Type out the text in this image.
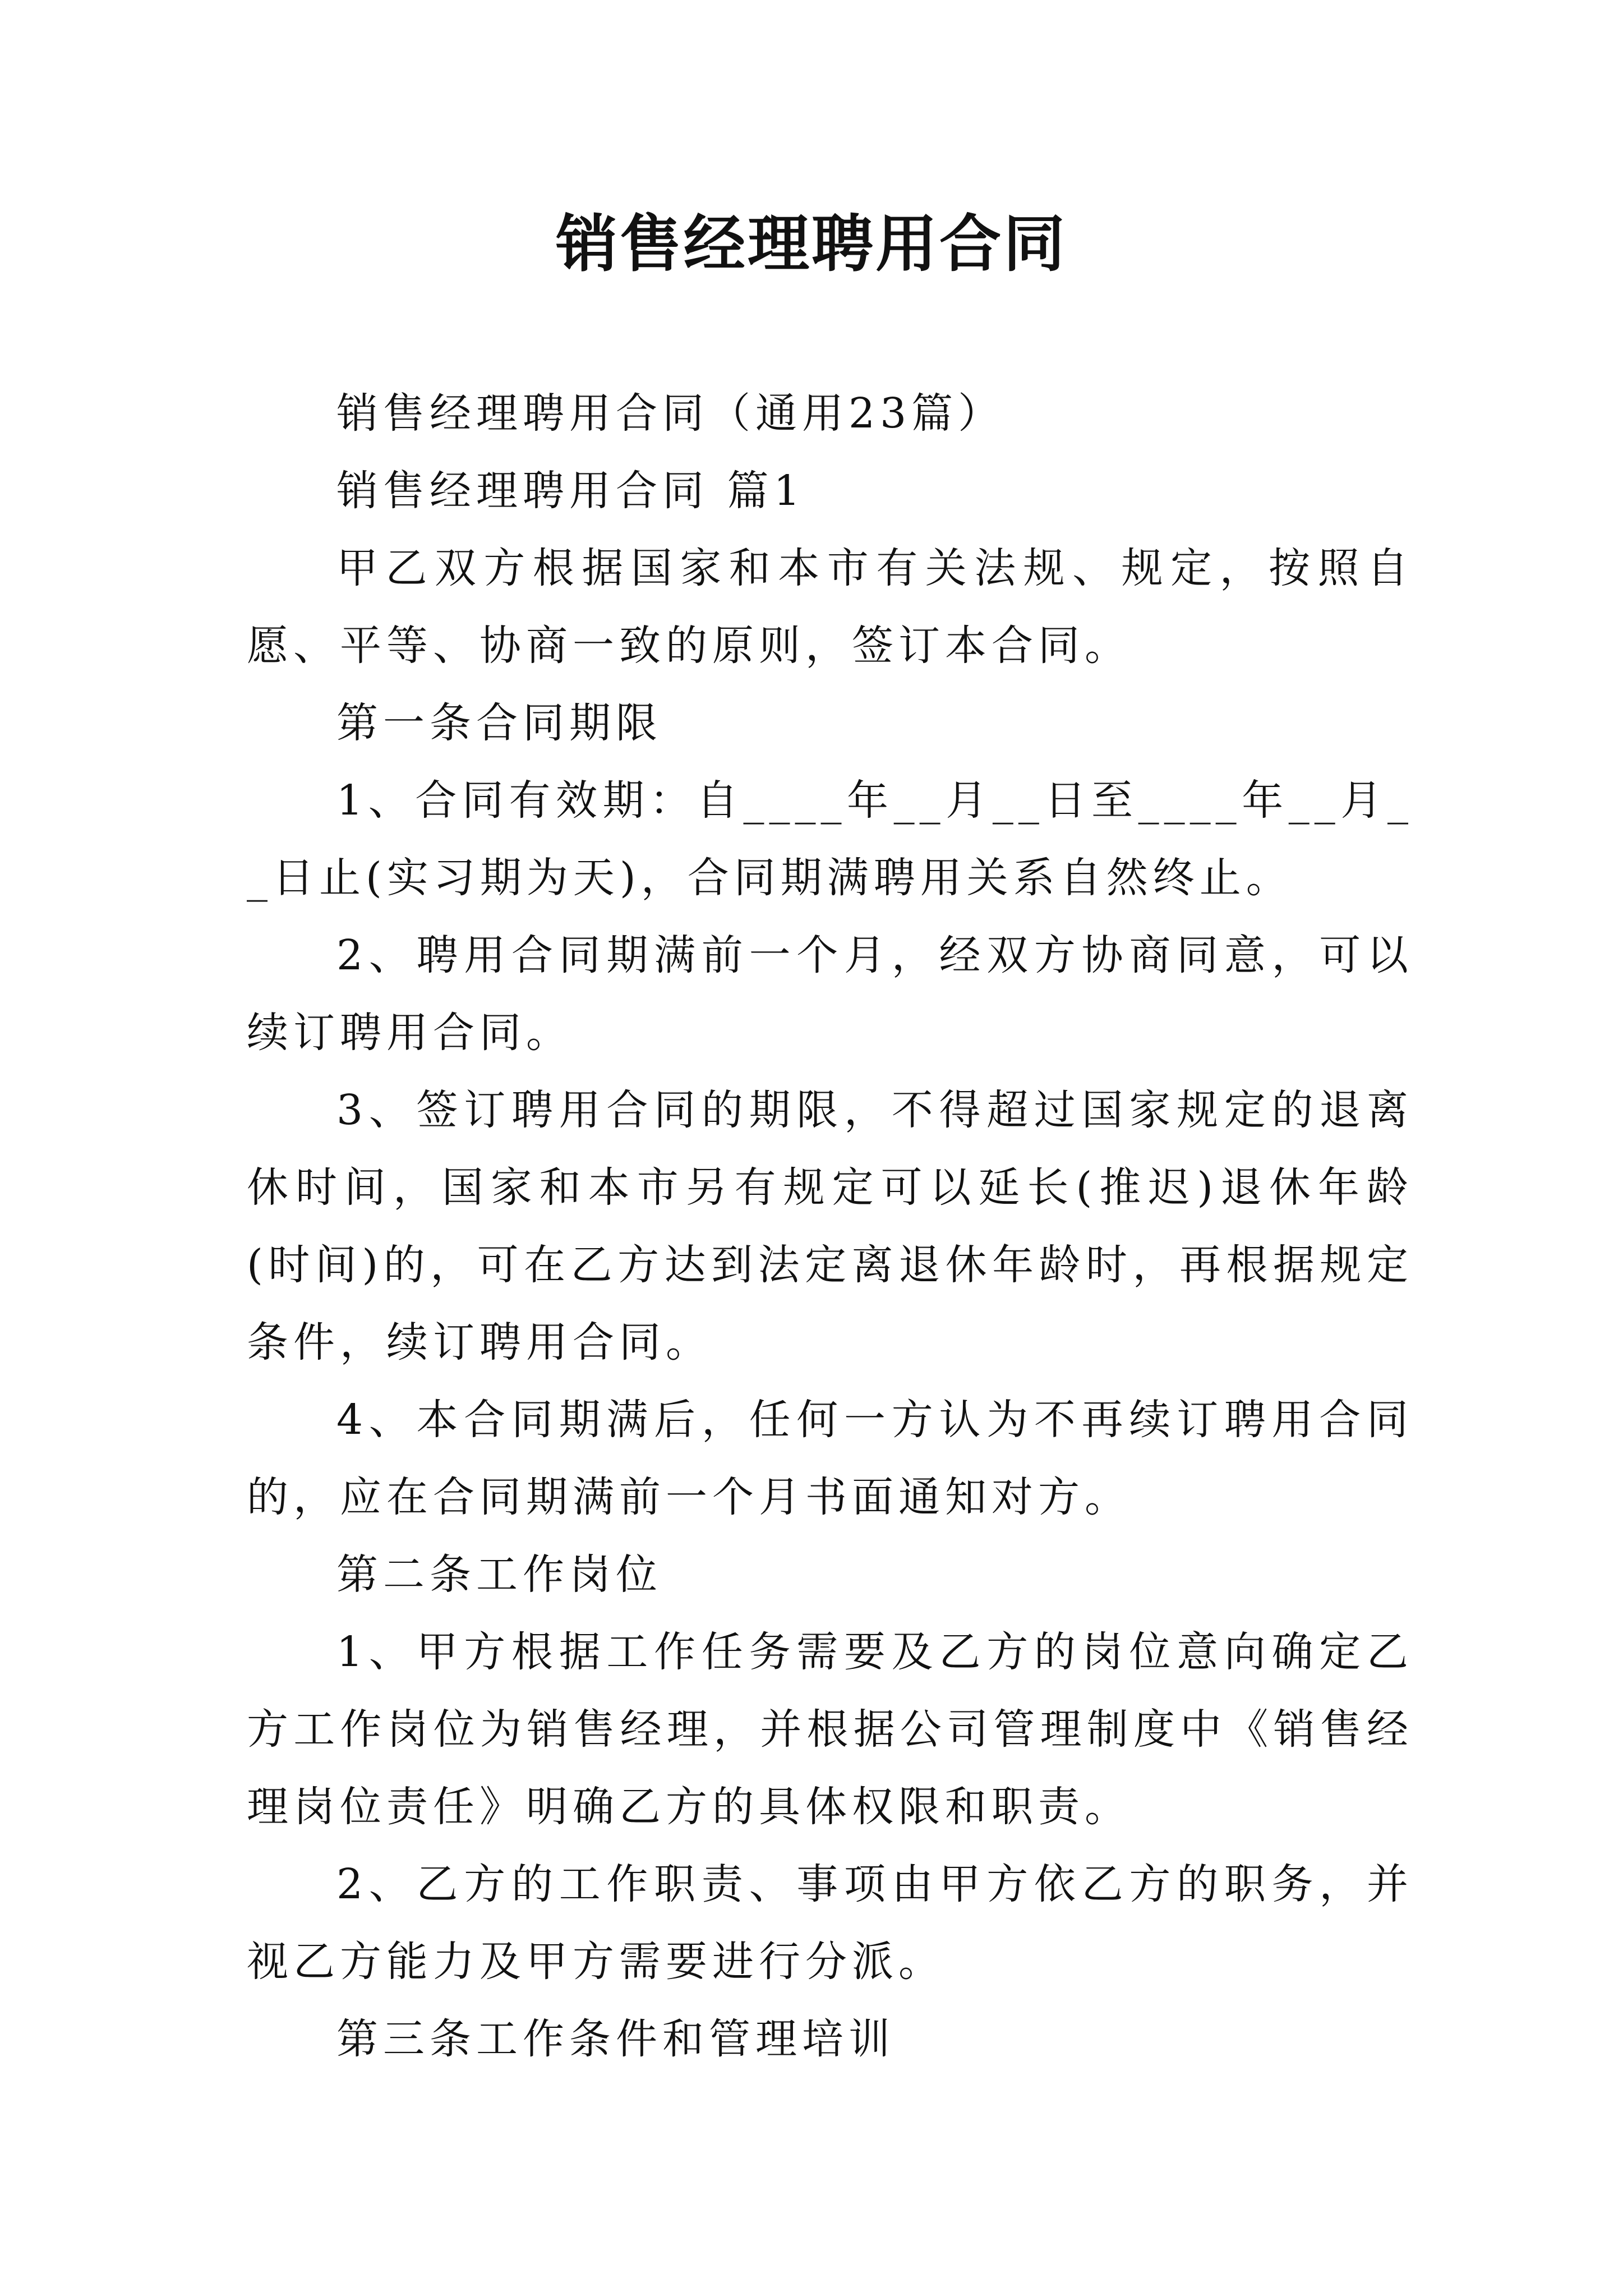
销售经理聘用合同

销售经理聘用合同（通用23篇）

销售经理聘用合同 篇1

甲乙双方根据国家和本市有关法规、规定，按照自愿、平等、协商一致的原则，签订本合同。

第一条合同期限

1、合同有效期：自____年__月__日至____年__月__日止(实习期为天)，合同期满聘用关系自然终止。

2、聘用合同期满前一个月，经双方协商同意，可以续订聘用合同。

3、签订聘用合同的期限，不得超过国家规定的退离休时间，国家和本市另有规定可以延长(推迟)退休年龄(时间)的，可在乙方达到法定离退休年龄时，再根据规定条件，续订聘用合同。

4、本合同期满后，任何一方认为不再续订聘用合同的，应在合同期满前一个月书面通知对方。

第二条工作岗位

1、甲方根据工作任务需要及乙方的岗位意向确定乙方工作岗位为销售经理，并根据公司管理制度中《销售经理岗位责任》明确乙方的具体权限和职责。

2、乙方的工作职责、事项由甲方依乙方的职务，并视乙方能力及甲方需要进行分派。

第三条工作条件和管理培训
